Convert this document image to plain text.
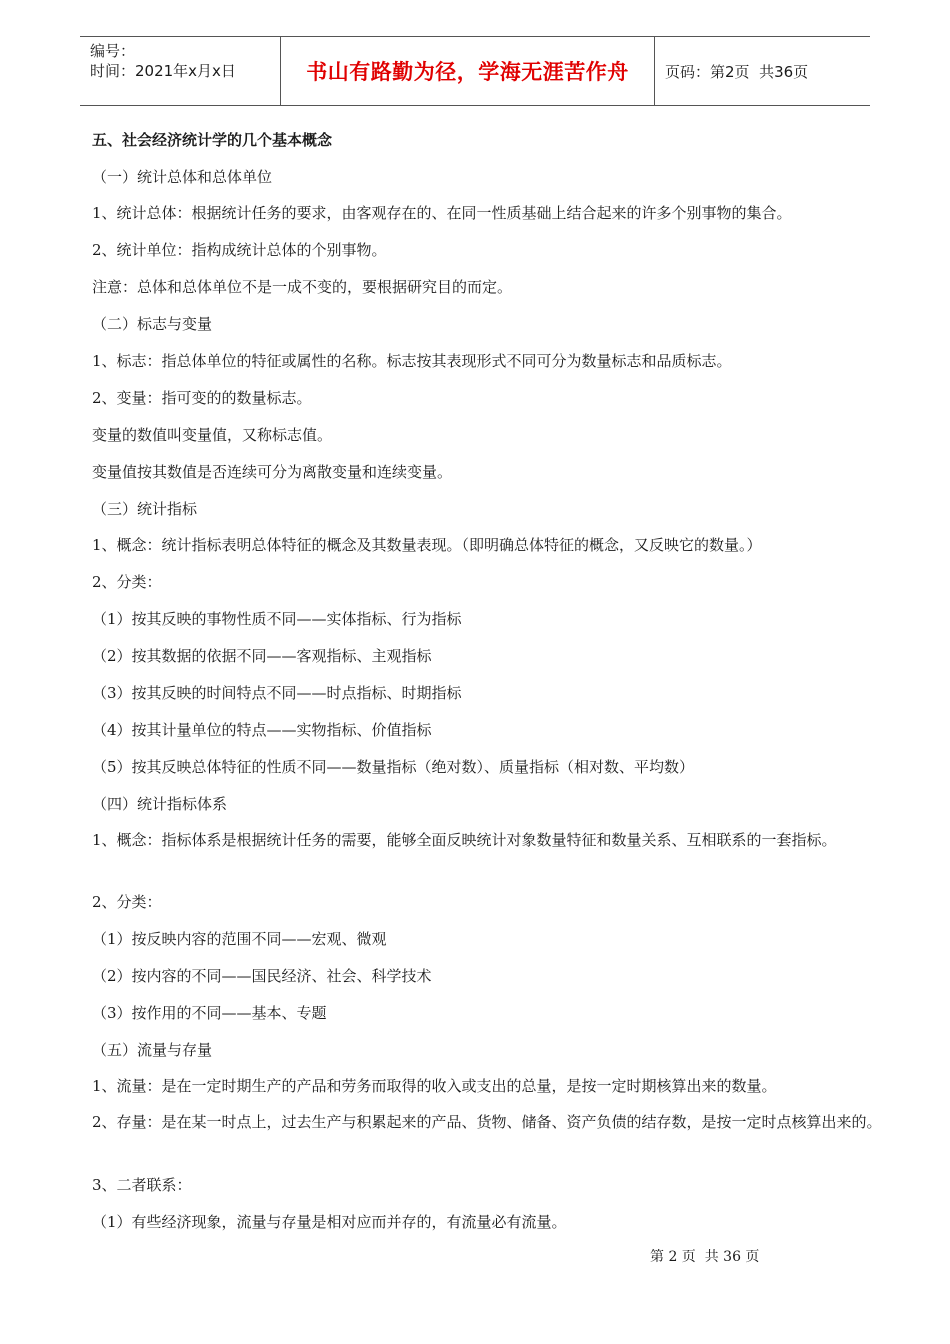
编号：
时间：2021年x月x日	书山有路勤为径，学海无涯苦作舟	页码：第2页  共36页
五、社会经济统计学的几个基本概念
（一）统计总体和总体单位
1、统计总体：根据统计任务的要求，由客观存在的、在同一性质基础上结合起来的许多个别事物的集合。
2、统计单位：指构成统计总体的个别事物。
注意：总体和总体单位不是一成不变的，要根据研究目的而定。
（二）标志与变量
1、标志：指总体单位的特征或属性的名称。标志按其表现形式不同可分为数量标志和品质标志。
2、变量：指可变的的数量标志。
变量的数值叫变量值，又称标志值。
变量值按其数值是否连续可分为离散变量和连续变量。
（三）统计指标
1、概念：统计指标表明总体特征的概念及其数量表现。（即明确总体特征的概念，又反映它的数量。）
2、分类：
（1）按其反映的事物性质不同——实体指标、行为指标
（2）按其数据的依据不同——客观指标、主观指标
（3）按其反映的时间特点不同——时点指标、时期指标
（4）按其计量单位的特点——实物指标、价值指标
（5）按其反映总体特征的性质不同——数量指标（绝对数）、质量指标（相对数、平均数）
（四）统计指标体系
1、概念：指标体系是根据统计任务的需要，能够全面反映统计对象数量特征和数量关系、互相联系的一套指标。
2、分类：
（1）按反映内容的范围不同——宏观、微观
（2）按内容的不同——国民经济、社会、科学技术
（3）按作用的不同——基本、专题
（五）流量与存量
1、流量：是在一定时期生产的产品和劳务而取得的收入或支出的总量，是按一定时期核算出来的数量。
2、存量：是在某一时点上，过去生产与积累起来的产品、货物、储备、资产负债的结存数，是按一定时点核算出来的。
3、二者联系：
（1）有些经济现象，流量与存量是相对应而并存的，有流量必有流量。
第 2 页  共 36 页
